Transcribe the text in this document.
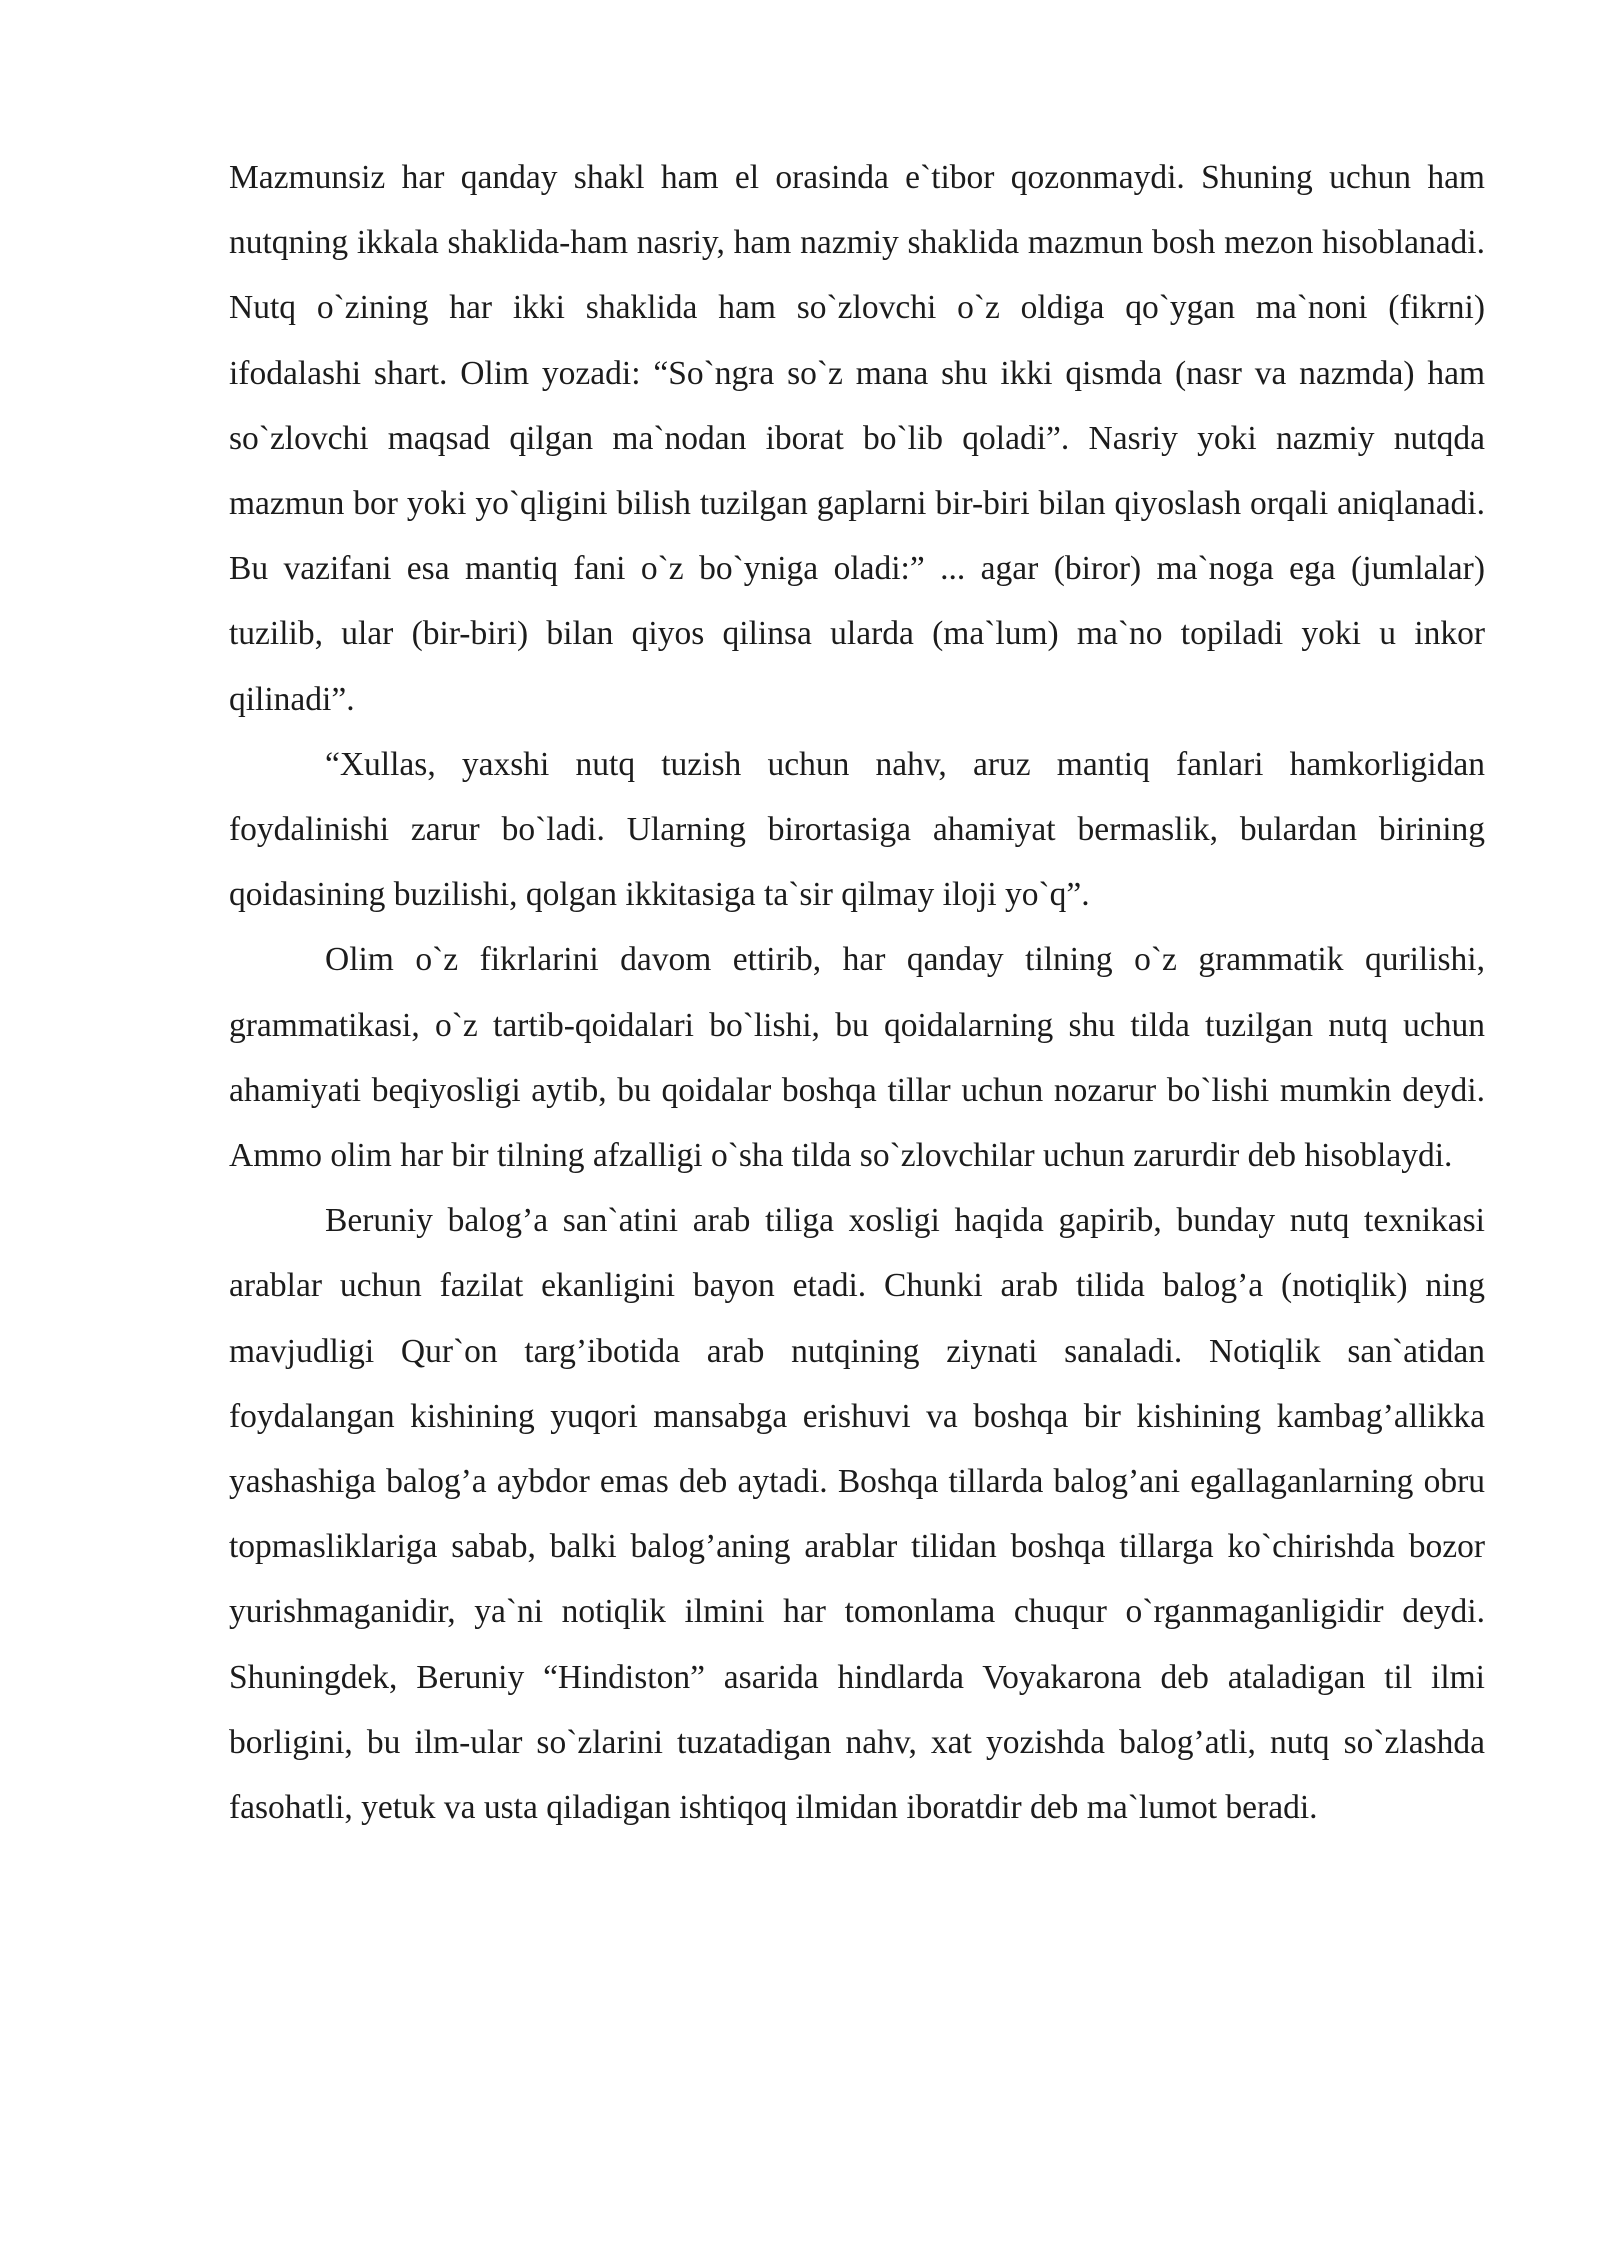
Mazmunsiz har qanday shakl ham el orasinda e`tibor qozonmaydi. Shuning uchun ham nutqning ikkala shaklida-ham nasriy, ham nazmiy shaklida mazmun bosh mezon hisoblanadi. Nutq o`zining har ikki shaklida ham so`zlovchi o`z oldiga qo`ygan ma`noni (fikrni) ifodalashi shart. Olim yozadi: “So`ngra so`z mana shu ikki qismda (nasr va nazmda) ham so`zlovchi maqsad qilgan ma`nodan iborat bo`lib qoladi”. Nasriy yoki nazmiy nutqda mazmun bor yoki yo`qligini bilish tuzilgan gaplarni bir-biri bilan qiyoslash orqali aniqlanadi. Bu vazifani esa mantiq fani o`z bo`yniga oladi:” ... agar (biror) ma`noga ega (jumlalar) tuzilib, ular (bir-biri) bilan qiyos qilinsa ularda (ma`lum) ma`no topiladi yoki u inkor qilinadi”.

“Xullas, yaxshi nutq tuzish uchun nahv, aruz mantiq fanlari hamkorligidan foydalinishi zarur bo`ladi. Ularning birortasiga ahamiyat bermaslik, bulardan birining qoidasining buzilishi, qolgan ikkitasiga ta`sir qilmay iloji yo`q”.

Olim o`z fikrlarini davom ettirib, har qanday tilning o`z grammatik qurilishi, grammatikasi, o`z tartib-qoidalari bo`lishi, bu qoidalarning shu tilda tuzilgan nutq uchun ahamiyati beqiyosligi aytib, bu qoidalar boshqa tillar uchun nozarur bo`lishi mumkin deydi. Ammo olim har bir tilning afzalligi o`sha tilda so`zlovchilar uchun zarurdir deb hisoblaydi.

Beruniy balog’a san`atini arab tiliga xosligi haqida gapirib, bunday nutq texnikasi arablar uchun fazilat ekanligini bayon etadi. Chunki arab tilida balog’a (notiqlik) ning mavjudligi Qur`on targ’ibotida arab nutqining ziynati sanaladi. Notiqlik san`atidan foydalangan kishining yuqori mansabga erishuvi va boshqa bir kishining kambag’allikka yashashiga balog’a aybdor emas deb aytadi. Boshqa tillarda balog’ani egallaganlarning obru topmasliklariga sabab, balki balog’aning arablar tilidan boshqa tillarga ko`chirishda bozor yurishmaganidir, ya`ni notiqlik ilmini har tomonlama chuqur o`rganmaganligidir deydi. Shuningdek, Beruniy “Hindiston” asarida hindlarda Voyakarona deb ataladigan til ilmi borligini, bu ilm-ular so`zlarini tuzatadigan nahv, xat yozishda balog’atli, nutq so`zlashda fasohatli, yetuk va usta qiladigan ishtiqoq ilmidan iboratdir deb ma`lumot beradi.
